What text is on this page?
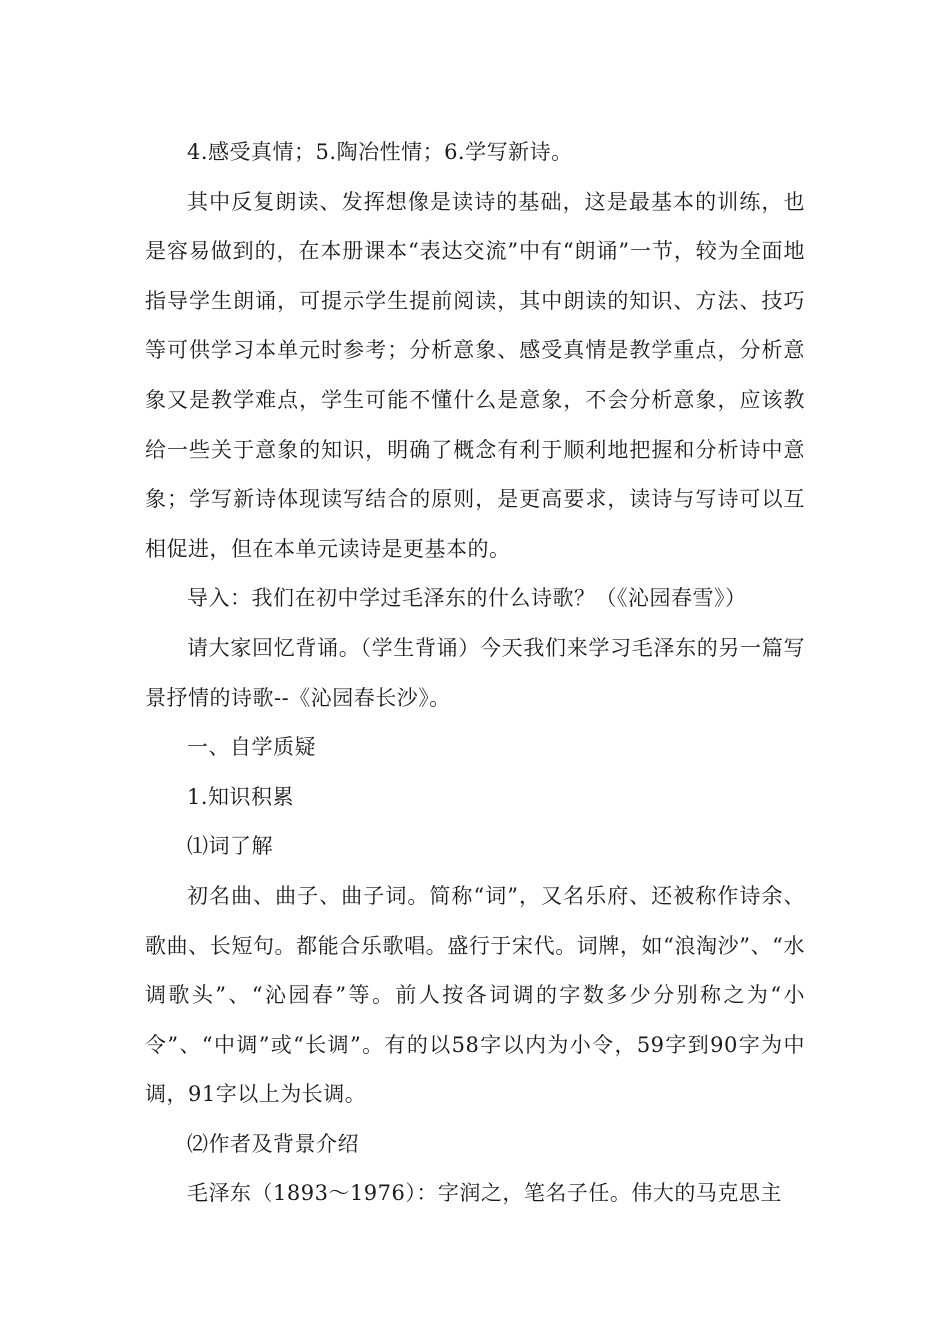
4.感受真情；5.陶冶性情；6.学写新诗。

其中反复朗读、发挥想像是读诗的基础，这是最基本的训练，也是容易做到的，在本册课本“表达交流”中有“朗诵”一节，较为全面地指导学生朗诵，可提示学生提前阅读，其中朗读的知识、方法、技巧等可供学习本单元时参考；分析意象、感受真情是教学重点，分析意象又是教学难点，学生可能不懂什么是意象，不会分析意象，应该教给一些关于意象的知识，明确了概念有利于顺利地把握和分析诗中意象；学写新诗体现读写结合的原则，是更高要求，读诗与写诗可以互相促进，但在本单元读诗是更基本的。

导入：我们在初中学过毛泽东的什么诗歌？（《沁园春雪》）

请大家回忆背诵。（学生背诵）今天我们来学习毛泽东的另一篇写景抒情的诗歌--《沁园春长沙》。

一、自学质疑

1.知识积累

⑴词了解

初名曲、曲子、曲子词。简称“词”，又名乐府、还被称作诗余、歌曲、长短句。都能合乐歌唱。盛行于宋代。词牌，如“浪淘沙”、“水调歌头”、“沁园春”等。前人按各词调的字数多少分别称之为“小令”、“中调”或“长调”。有的以58字以内为小令，59字到90字为中调，91字以上为长调。

⑵作者及背景介绍

毛泽东（1893～1976）：字润之，笔名子任。伟大的马克思主
